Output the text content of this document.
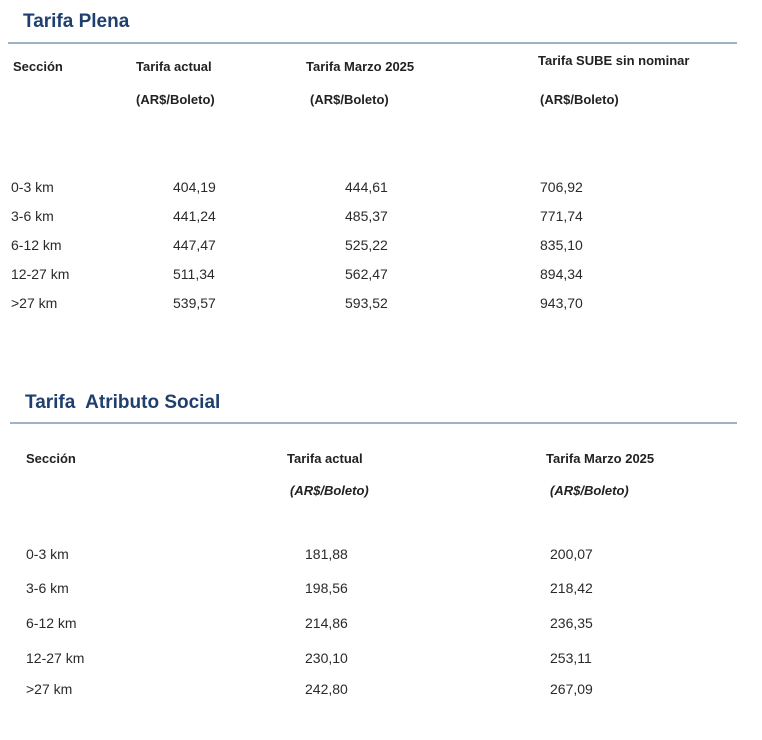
Tarifa Plena
Sección	Tarifa actual	Tarifa Marzo 2025	Tarifa SUBE sin nominar
(AR$/Boleto)	(AR$/Boleto)	(AR$/Boleto)
0-3 km	404,19	444,61	706,92
3-6 km	441,24	485,37	771,74
6-12 km	447,47	525,22	835,10
12-27 km	511,34	562,47	894,34
>27 km	539,57	593,52	943,70
Tarifa  Atributo Social
Sección	Tarifa actual	Tarifa Marzo 2025
(AR$/Boleto)	(AR$/Boleto)
0-3 km	181,88	200,07
3-6 km	198,56	218,42
6-12 km	214,86	236,35
12-27 km	230,10	253,11
>27 km	242,80	267,09
